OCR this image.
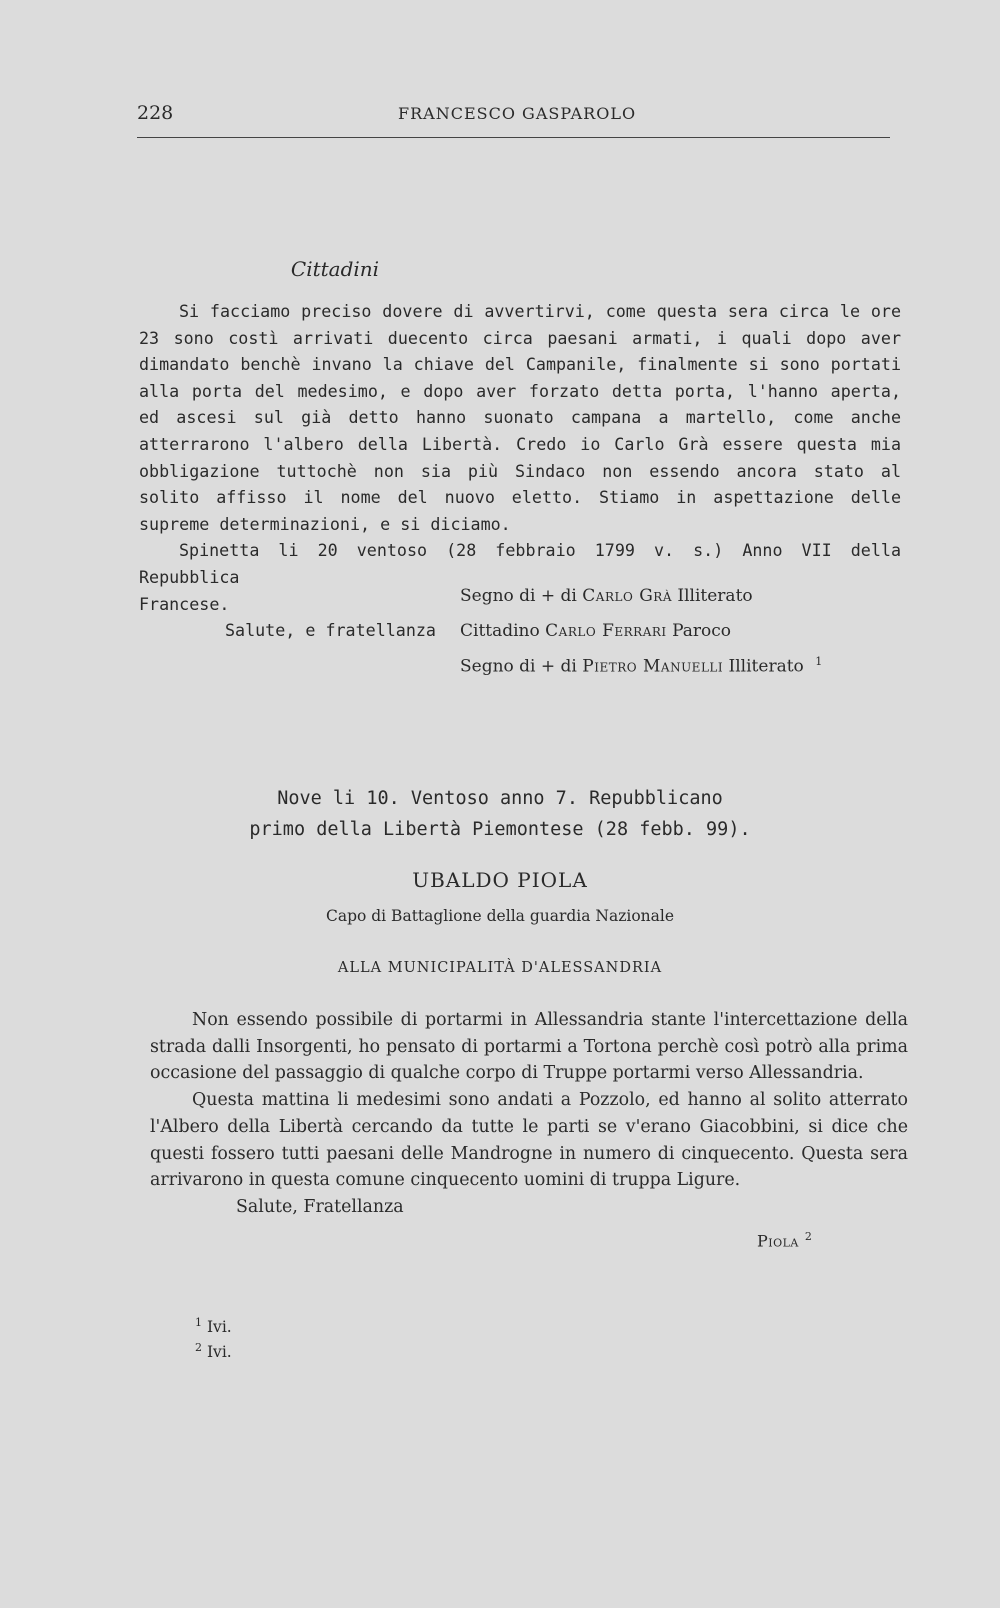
228	FRANCESCO GASPAROLO
Cittadini

Si facciamo preciso dovere di avvertirvi, come questa sera circa le ore 23 sono costì arrivati duecento circa paesani armati, i quali dopo aver dimandato benchè invano la chiave del Campanile, finalmente si sono portati alla porta del medesimo, e dopo aver forzato detta porta, l'hanno aperta, ed ascesi sul già detto hanno suonato campana a martello, come anche atterrarono l'albero della Libertà. Credo io Carlo Grà essere questa mia obbligazione tuttochè non sia più Sindaco non essendo ancora stato al solito affisso il nome del nuovo eletto. Stiamo in aspettazione delle supreme determinazioni, e si diciamo.

Spinetta li 20 ventoso (28 febbraio 1799 v. s.) Anno VII della Repubblica

Francese.

Salute, e fratellanza

Segno di + di Carlo Grà Illiterato
Cittadino Carlo Ferrari Paroco
Segno di + di Pietro Manuelli Illiterato $^1$
Nove li 10. Ventoso anno 7. Repubblicano
primo della Libertà Piemontese (28 febb. 99).
UBALDO PIOLA
Capo di Battaglione della guardia Nazionale
ALLA MUNICIPALITÀ D'ALESSANDRIA

Non essendo possibile di portarmi in Allessandria stante l'intercettazione della strada dalli Insorgenti, ho pensato di portarmi a Tortona perchè così potrò alla prima occasione del passaggio di qualche corpo di Truppe portarmi verso Allessandria.

Questa mattina li medesimi sono andati a Pozzolo, ed hanno al solito atterrato l'Albero della Libertà cercando da tutte le parti se v'erano Giacobbini, si dice che questi fossero tutti paesani delle Mandrogne in numero di cinquecento. Questa sera arrivarono in questa comune cinquecento uomini di truppa Ligure.

Salute, Fratellanza

Piola $^2$
$^1$ Ivi.
$^2$ Ivi.
